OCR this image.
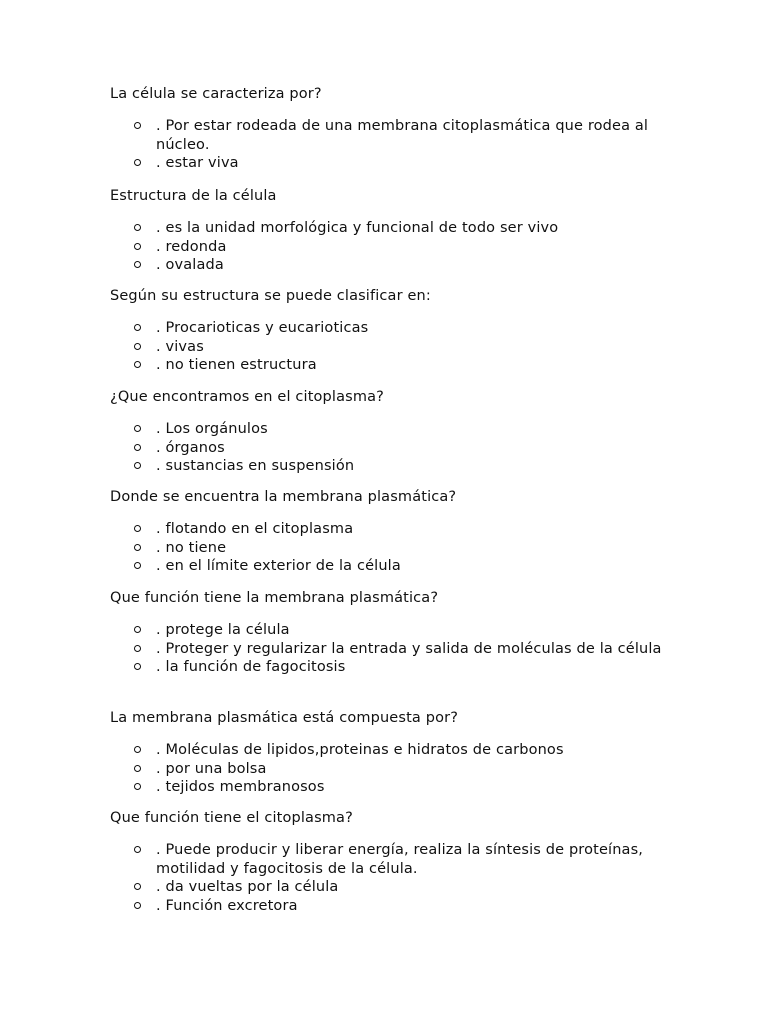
La célula se caracteriza por?

. Por estar rodeada de una membrana citoplasmática que rodea al núcleo.
. estar viva

Estructura de la célula

. es la unidad morfológica y funcional de todo ser vivo
. redonda
. ovalada

Según su estructura se puede clasificar en:

. Procarioticas y eucarioticas
. vivas
. no tienen estructura

¿Que encontramos en el citoplasma?

. Los orgánulos
. órganos
. sustancias en suspensión

Donde se encuentra la membrana plasmática?

. flotando en el citoplasma
. no tiene
. en el límite exterior de la célula

Que función tiene la membrana plasmática?

. protege la célula
. Proteger y regularizar la entrada y salida de moléculas de la célula
. la función de fagocitosis

La membrana plasmática está compuesta por?

. Moléculas de lipidos,proteinas e hidratos de carbonos
. por una bolsa
. tejidos membranosos

Que función tiene el citoplasma?

. Puede producir y liberar energía, realiza la síntesis de proteínas, motilidad y fagocitosis de la célula.
. da vueltas por la célula
. Función excretora
